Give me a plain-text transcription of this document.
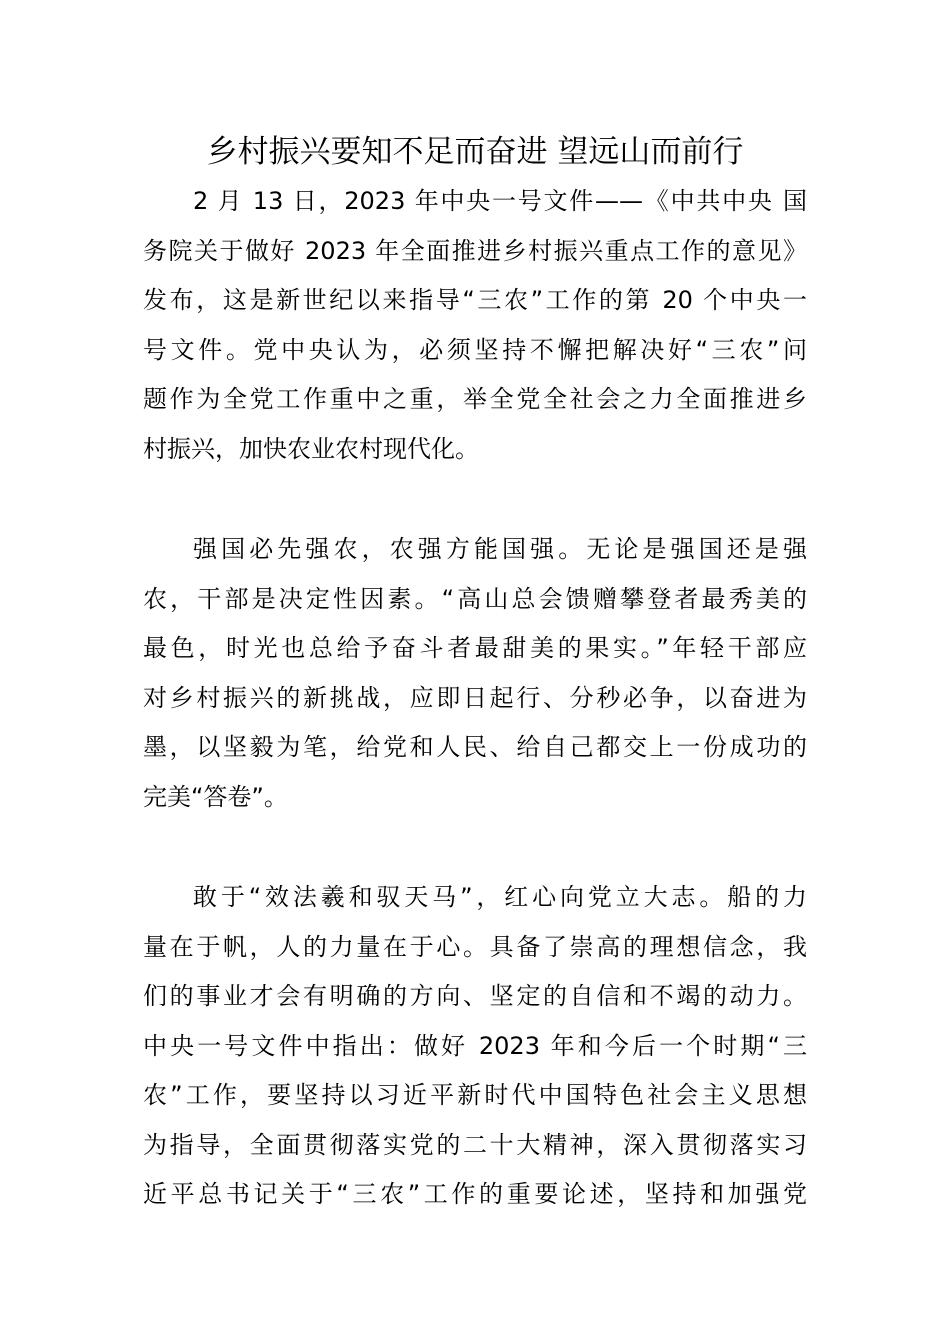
乡村振兴要知不足而奋进 望远山而前行
2 月 13 日，2023 年中央一号文件——《中共中央 国
务院关于做好 2023 年全面推进乡村振兴重点工作的意见》
发布，这是新世纪以来指导“三农”工作的第 20 个中央一
号文件。党中央认为，必须坚持不懈把解决好“三农”问
题作为全党工作重中之重，举全党全社会之力全面推进乡
村振兴，加快农业农村现代化。
强国必先强农，农强方能国强。无论是强国还是强
农，干部是决定性因素。“高山总会馈赠攀登者最秀美的
最色，时光也总给予奋斗者最甜美的果实。”年轻干部应
对乡村振兴的新挑战，应即日起行、分秒必争，以奋进为
墨，以坚毅为笔，给党和人民、给自己都交上一份成功的
完美“答卷”。
敢于“效法羲和驭天马”，红心向党立大志。船的力
量在于帆，人的力量在于心。具备了崇高的理想信念，我
们的事业才会有明确的方向、坚定的自信和不竭的动力。
中央一号文件中指出：做好 2023 年和今后一个时期“三
农”工作，要坚持以习近平新时代中国特色社会主义思想
为指导，全面贯彻落实党的二十大精神，深入贯彻落实习
近平总书记关于“三农”工作的重要论述，坚持和加强党
